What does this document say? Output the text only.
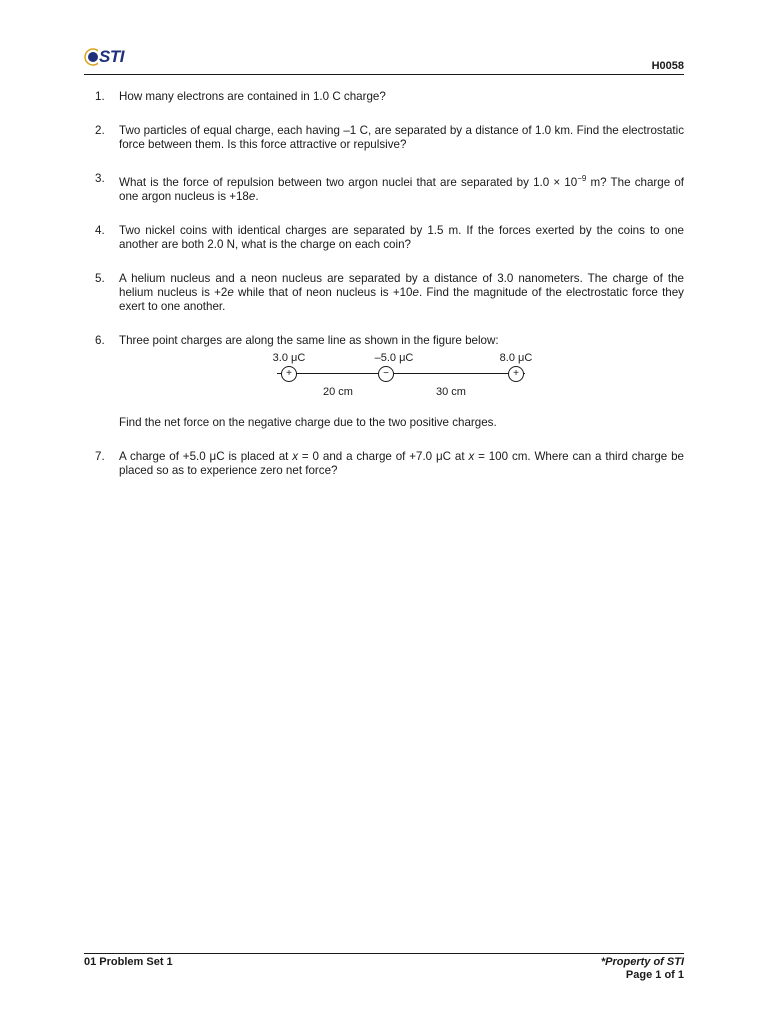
STI	H0058
1.	How many electrons are contained in 1.0 C charge?
2.	Two particles of equal charge, each having –1 C, are separated by a distance of 1.0 km. Find the electrostatic force between them. Is this force attractive or repulsive?
3.	What is the force of repulsion between two argon nuclei that are separated by $1.0 \times 10^{-9}$ m? The charge of one argon nucleus is +18e.
4.	Two nickel coins with identical charges are separated by 1.5 m. If the forces exerted by the coins to one another are both 2.0 N, what is the charge on each coin?
5.	A helium nucleus and a neon nucleus are separated by a distance of 3.0 nanometers. The charge of the helium nucleus is +2e while that of neon nucleus is +10e. Find the magnitude of the electrostatic force they exert to one another.
6.	Three point charges are along the same line as shown in the figure below:
3.0 μC	–5.0 μC	8.0 μC
+	−	+
20 cm	30 cm
Find the net force on the negative charge due to the two positive charges.
7.	A charge of +5.0 μC is placed at x = 0 and a charge of +7.0 μC at x = 100 cm. Where can a third charge be placed so as to experience zero net force?
01 Problem Set 1	*Property of STI
Page 1 of 1
